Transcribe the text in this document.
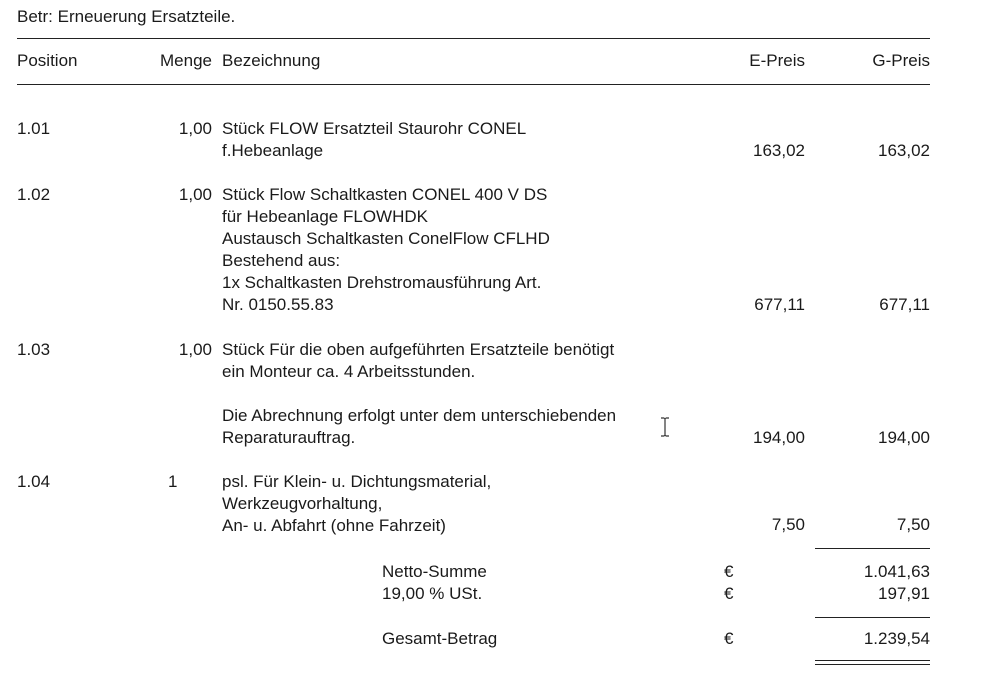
Betr: Erneuerung Ersatzteile.
Position	Menge Bezeichnung	E-Preis	G-Preis
1.01	1,00 Stück FLOW Ersatzteil Staurohr CONEL
f.Hebeanlage	163,02	163,02
1.02	1,00 Stück Flow Schaltkasten CONEL 400 V DS
für Hebeanlage FLOWHDK
Austausch Schaltkasten ConelFlow CFLHD
Bestehend aus:
1x Schaltkasten Drehstromausführung Art.
Nr. 0150.55.83	677,11	677,11
1.03	1,00 Stück Für die oben aufgeführten Ersatzteile benötigt
ein Monteur ca. 4 Arbeitsstunden.
Die Abrechnung erfolgt unter dem unterschiebenden
Reparaturauftrag.	194,00	194,00
1.04	1	psl. Für Klein- u. Dichtungsmaterial,
Werkzeugvorhaltung,
An- u. Abfahrt (ohne Fahrzeit)	7,50	7,50
Netto-Summe	€	1.041,63
19,00 % USt.	€	197,91
Gesamt-Betrag	€	1.239,54
